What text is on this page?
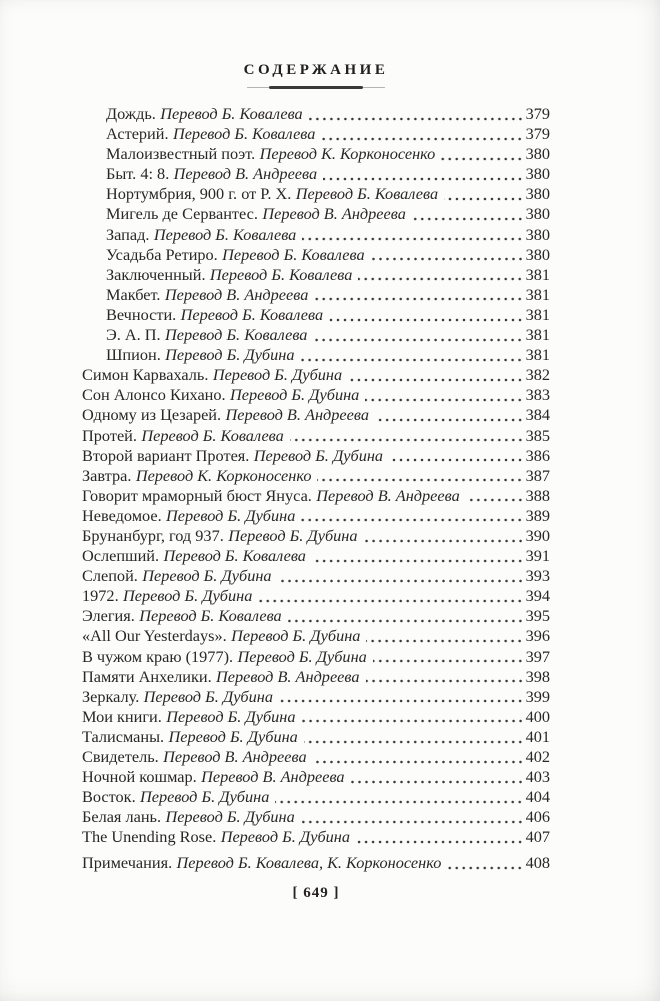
СОДЕРЖАНИЕ
Дождь. Перевод Б. Ковалева	379
Астерий. Перевод Б. Ковалева	379
Малоизвестный поэт. Перевод К. Корконосенко	380
Быт. 4: 8. Перевод В. Андреева	380
Нортумбрия, 900 г. от Р. Х. Перевод Б. Ковалева	380
Мигель де Сервантес. Перевод В. Андреева	380
Запад. Перевод Б. Ковалева	380
Усадьба Ретиро. Перевод Б. Ковалева	380
Заключенный. Перевод Б. Ковалева	381
Макбет. Перевод В. Андреева	381
Вечности. Перевод Б. Ковалева	381
Э. А. П. Перевод Б. Ковалева	381
Шпион. Перевод Б. Дубина	381
Симон Карвахаль. Перевод Б. Дубина	382
Сон Алонсо Кихано. Перевод Б. Дубина	383
Одному из Цезарей. Перевод В. Андреева	384
Протей. Перевод Б. Ковалева	385
Второй вариант Протея. Перевод Б. Дубина	386
Завтра. Перевод К. Корконосенко	387
Говорит мраморный бюст Януса. Перевод В. Андреева	388
Неведомое. Перевод Б. Дубина	389
Брунанбург, год 937. Перевод Б. Дубина	390
Ослепший. Перевод Б. Ковалева	391
Слепой. Перевод Б. Дубина	393
1972. Перевод Б. Дубина	394
Элегия. Перевод Б. Ковалева	395
«All Our Yesterdays». Перевод Б. Дубина	396
В чужом краю (1977). Перевод Б. Дубина	397
Памяти Анхелики. Перевод В. Андреева	398
Зеркалу. Перевод Б. Дубина	399
Мои книги. Перевод Б. Дубина	400
Талисманы. Перевод Б. Дубина	401
Свидетель. Перевод В. Андреева	402
Ночной кошмар. Перевод В. Андреева	403
Восток. Перевод Б. Дубина	404
Белая лань. Перевод Б. Дубина	406
The Unending Rose. Перевод Б. Дубина	407
Примечания. Перевод Б. Ковалева, К. Корконосенко	408
[ 649 ]
